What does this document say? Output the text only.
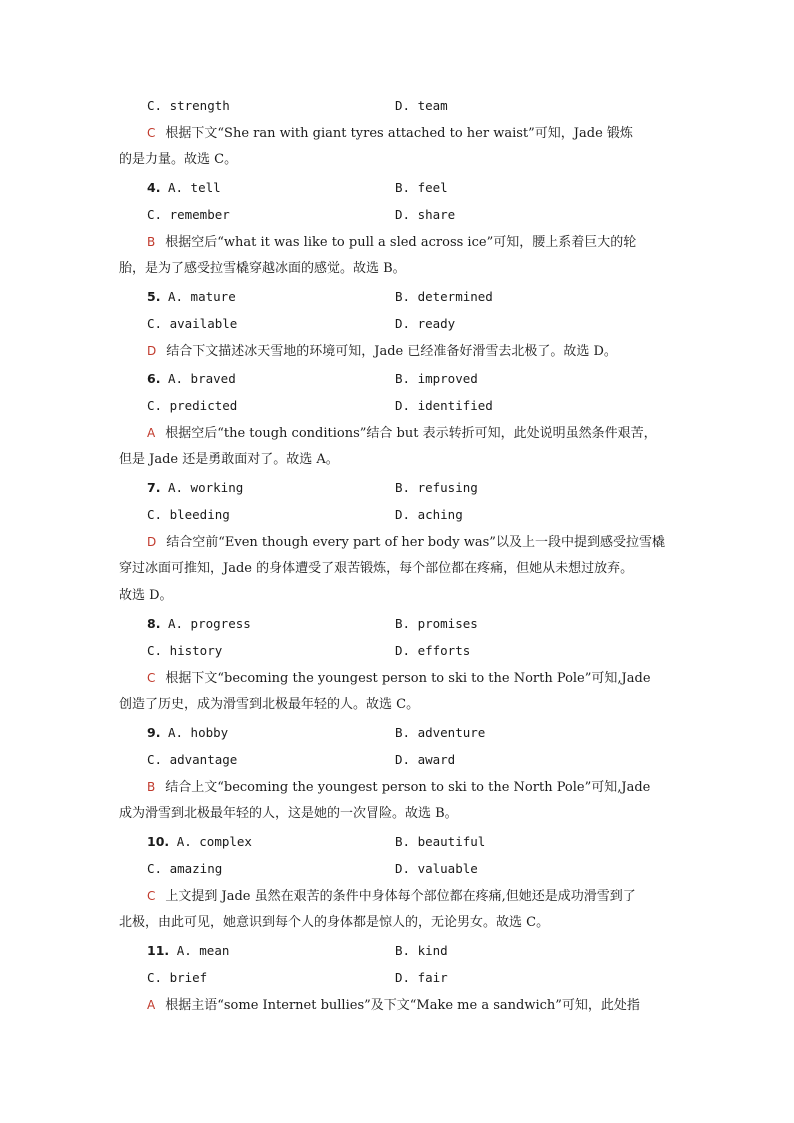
C. strength	D. team
C 根据下文“She ran with giant tyres attached to her waist”可知，Jade 锻炼
的是力量。故选 C。
4. A. tell	B. feel
C. remember	D. share
B 根据空后“what it was like to pull a sled across ice”可知，腰上系着巨大的轮
胎，是为了感受拉雪橇穿越冰面的感觉。故选 B。
5. A. mature	B. determined
C. available	D. ready
D 结合下文描述冰天雪地的环境可知，Jade 已经准备好滑雪去北极了。故选 D。
6. A. braved	B. improved
C. predicted	D. identified
A 根据空后“the tough conditions”结合 but 表示转折可知，此处说明虽然条件艰苦，
但是 Jade 还是勇敢面对了。故选 A。
7. A. working	B. refusing
C. bleeding	D. aching
D 结合空前“Even though every part of her body was”以及上一段中提到感受拉雪橇
穿过冰面可推知，Jade 的身体遭受了艰苦锻炼，每个部位都在疼痛，但她从未想过放弃。
故选 D。
8. A. progress	B. promises
C. history	D. efforts
C 根据下文“becoming the youngest person to ski to the North Pole”可知,Jade
创造了历史，成为滑雪到北极最年轻的人。故选 C。
9. A. hobby	B. adventure
C. advantage	D. award
B 结合上文“becoming the youngest person to ski to the North Pole”可知,Jade
成为滑雪到北极最年轻的人，这是她的一次冒险。故选 B。
10. A. complex	B. beautiful
C. amazing	D. valuable
C 上文提到 Jade 虽然在艰苦的条件中身体每个部位都在疼痛,但她还是成功滑雪到了
北极，由此可见，她意识到每个人的身体都是惊人的，无论男女。故选 C。
11. A. mean	B. kind
C. brief	D. fair
A 根据主语“some Internet bullies”及下文“Make me a sandwich”可知，此处指
